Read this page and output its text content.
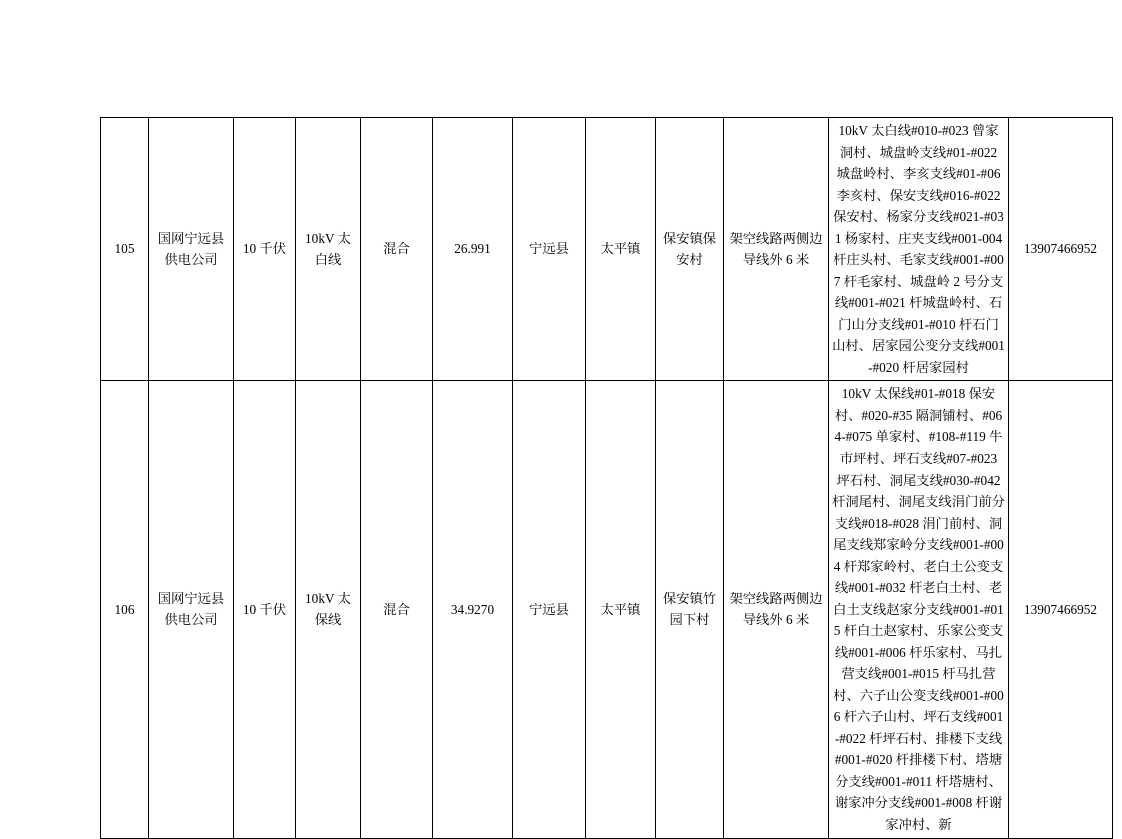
105	国网宁远县供电公司	10 千伏	10kV 太白线	混合	26.991	宁远县	太平镇	保安镇保安村	架空线路两侧边导线外 6 米	10kV 太白线#010-#023 曾家洞村、城盘岭支线#01-#022 城盘岭村、李亥支线#01-#06 李亥村、保安支线#016-#022 保安村、杨家分支线#021-#031 杨家村、庄夹支线#001-004 杆庄头村、毛家支线#001-#007 杆毛家村、城盘岭 2 号分支线#001-#021 杆城盘岭村、石门山分支线#01-#010 杆石门山村、居家园公变分支线#001-#020 杆居家园村	13907466952
106	国网宁远县供电公司	10 千伏	10kV 太保线	混合	34.9270	宁远县	太平镇	保安镇竹园下村	架空线路两侧边导线外 6 米	10kV 太保线#01-#018 保安村、#020-#35 隔洞铺村、#064-#075 单家村、#108-#119 牛市坪村、坪石支线#07-#023 坪石村、洞尾支线#030-#042 杆洞尾村、洞尾支线涓门前分支线#018-#028 涓门前村、洞尾支线郑家岭分支线#001-#004 杆郑家岭村、老白土公变支线#001-#032 杆老白土村、老白土支线赵家分支线#001-#015 杆白土赵家村、乐家公变支线#001-#006 杆乐家村、马扎营支线#001-#015 杆马扎营村、六子山公变支线#001-#006 杆六子山村、坪石支线#001-#022 杆坪石村、排楼下支线#001-#020 杆排楼下村、塔塘分支线#001-#011 杆塔塘村、谢家冲分支线#001-#008 杆谢家冲村、新	13907466952
